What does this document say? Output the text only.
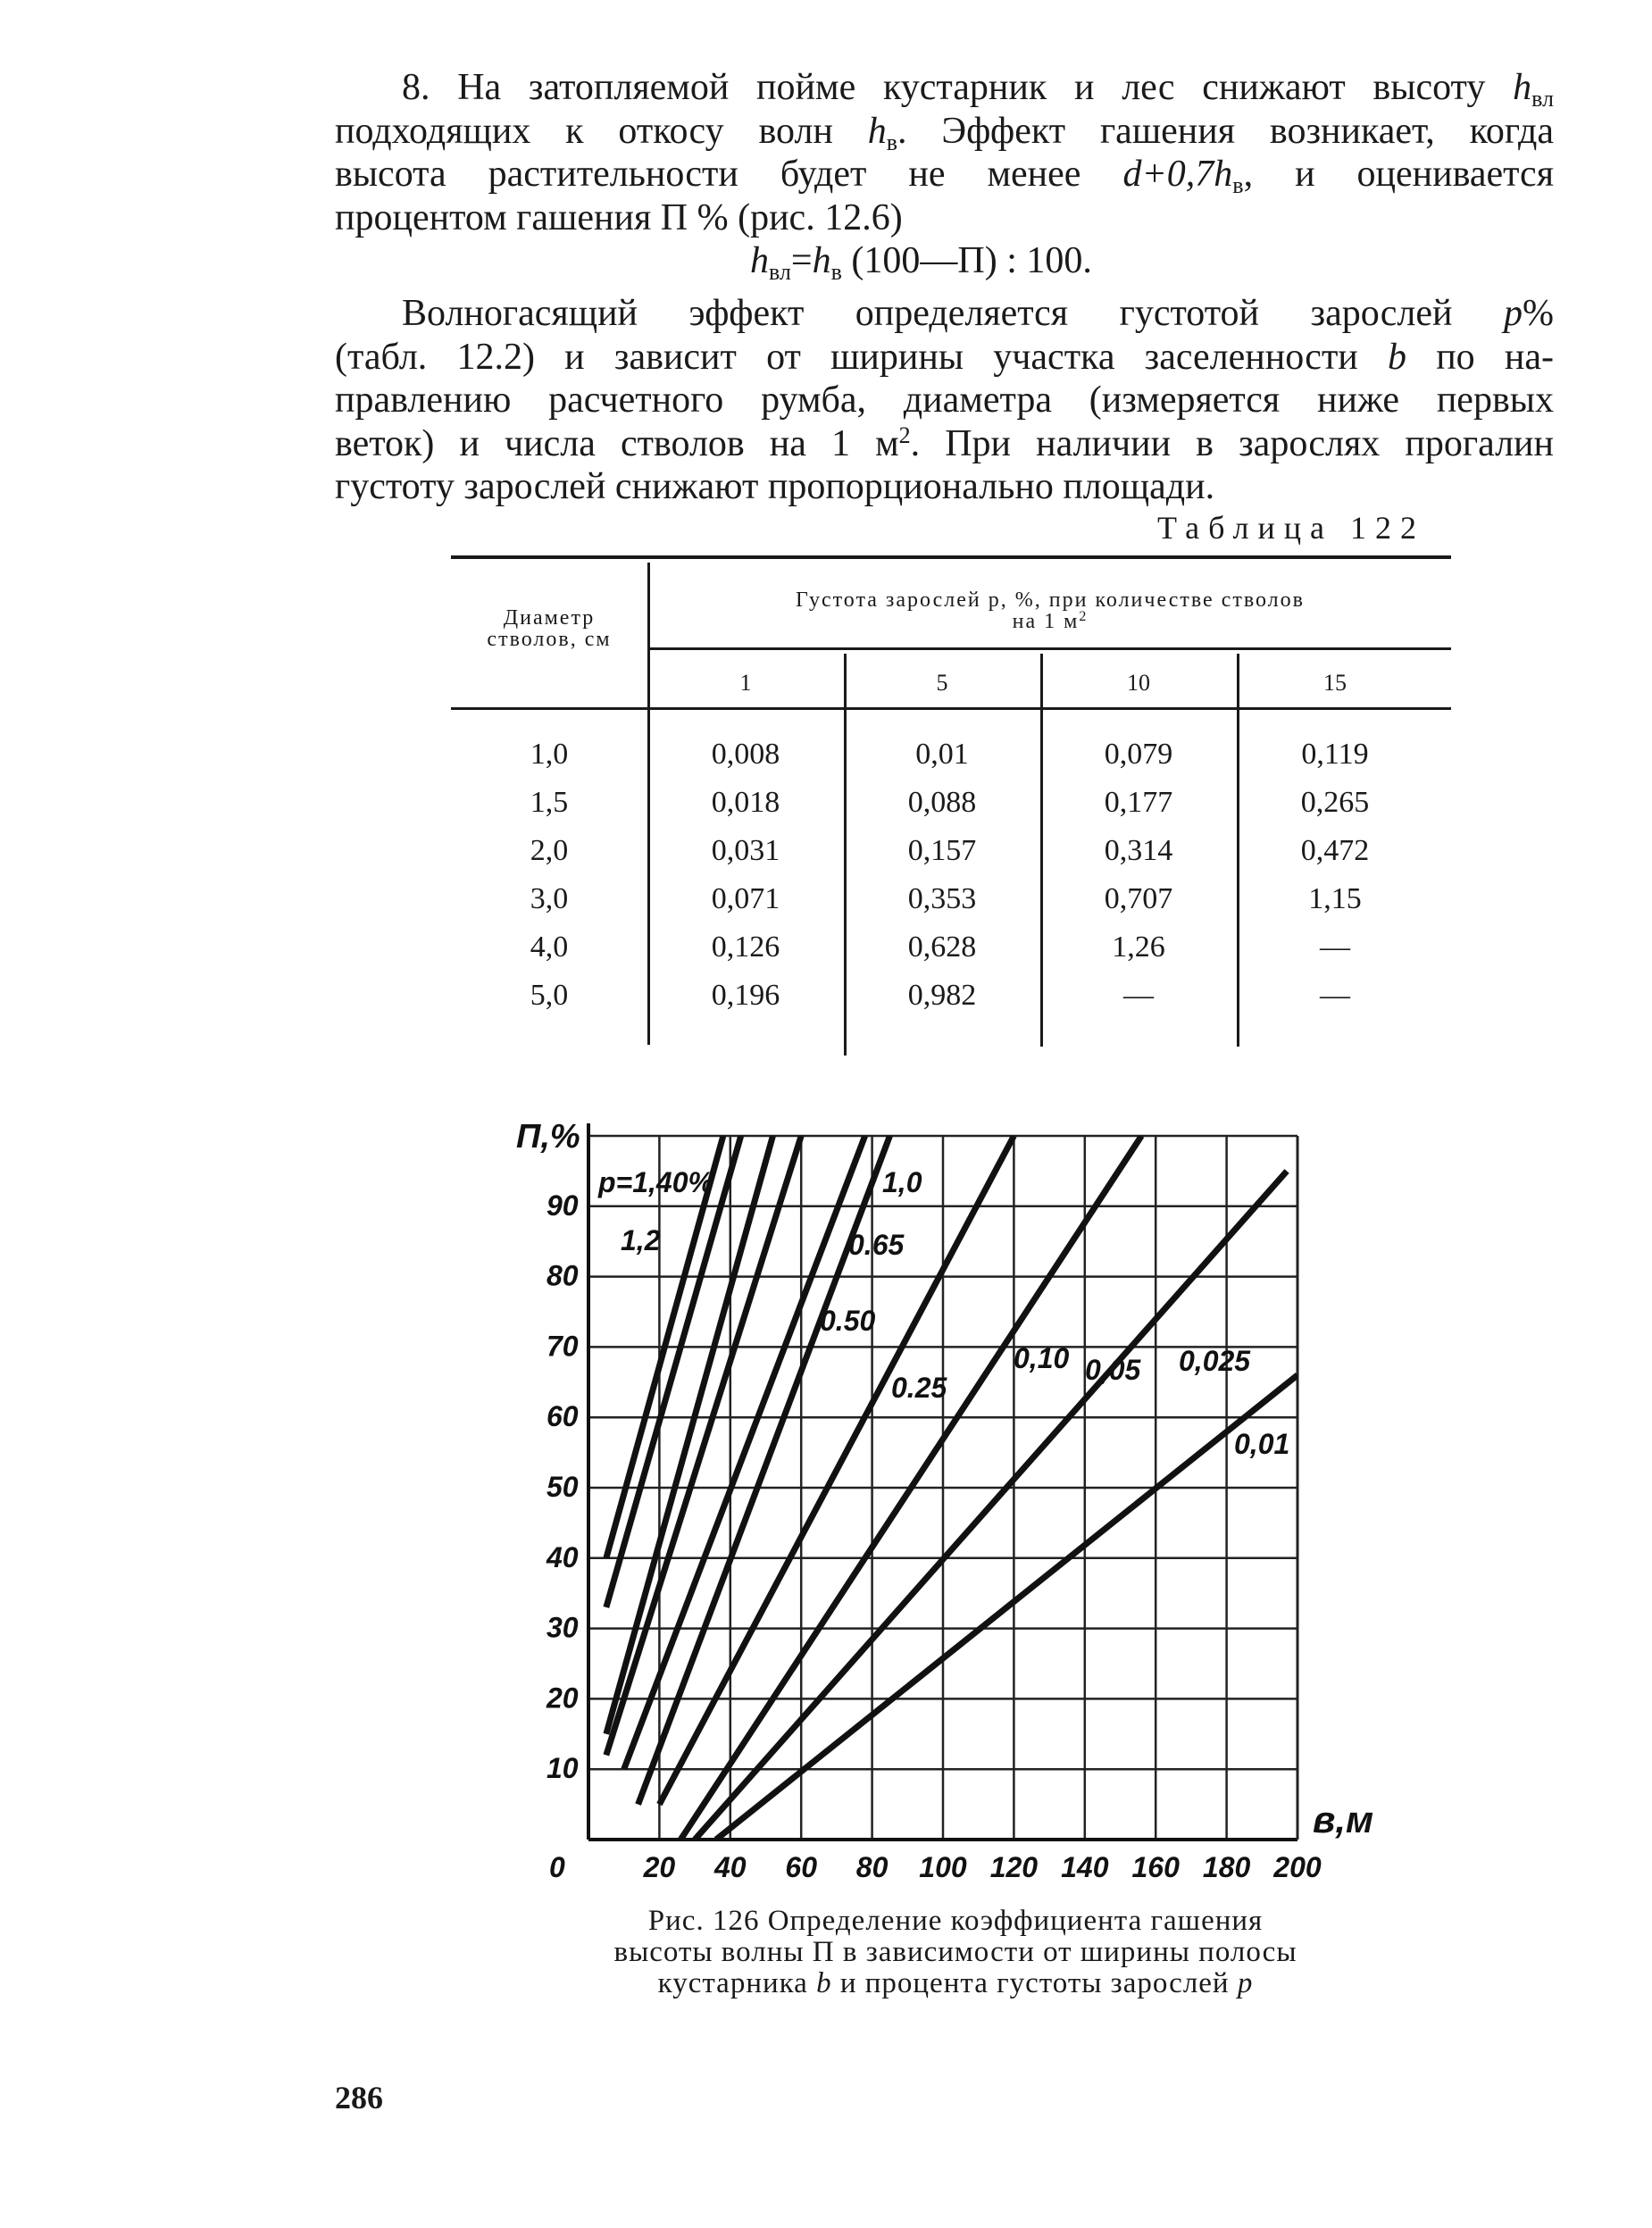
8. На затопляемой пойме кустарник и лес снижают высоту $h_{вл}$

подходящих к откосу волн $h_в$. Эффект гашения возникает, когда

высота растительности будет не менее $d+0,7h_в$, и оценивается

процентом гашения П % (рис. 12.6)

$h_{вл}=h_в$ (100—П) : 100.

Волногасящий эффект определяется густотой зарослей p%

(табл. 12.2) и зависит от ширины участка заселенности b по на-

правлению расчетного румба, диаметра (измеряется ниже первых

веток) и числа стволов на 1 $м^2$. При наличии в зарослях прогалин

густоту зарослей снижают пропорционально площади.

Таблица 122
Диаметр
стволов, см
Густота зарослей p, %, при количестве стволов
на 1 $м^2$
1	5	10	15
1,0	0,008	0,01	0,079	0,119
1,5	0,018	0,088	0,177	0,265
2,0	0,031	0,157	0,314	0,472
3,0	0,071	0,353	0,707	1,15
4,0	0,126	0,628	1,26	—
5,0	0,196	0,982	—	—
p=1,40%
1,2
1,0
0.65
0.50
0.25
0,10 0,05 0,025
0,01
10
20
30
40
50
60
70
80
90
20 40 60 80 100 120 140 160 180 200
0
П,%
в,м
Рис. 126 Определение коэффициента гашения
высоты волны П в зависимости от ширины полосы
кустарника b и процента густоты зарослей p
286
